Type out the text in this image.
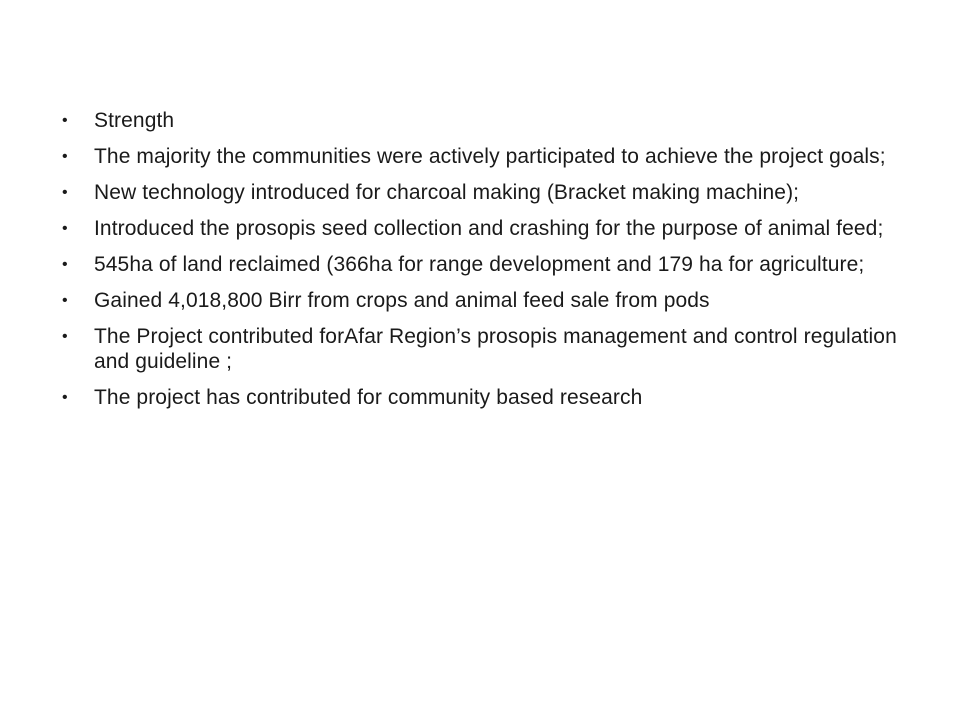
•	Strength
•	The majority the communities were actively participated to achieve the project goals;
•	New technology introduced for charcoal making (Bracket making machine);
•	Introduced the prosopis seed collection and crashing for the purpose of animal feed;
•	545ha of land reclaimed (366ha for range development and 179 ha for agriculture;
•	Gained 4,018,800 Birr from crops and animal feed sale from pods
•	The Project contributed forAfar Region’s prosopis management and control regulation and guideline ;
•	The project has contributed for community based research
